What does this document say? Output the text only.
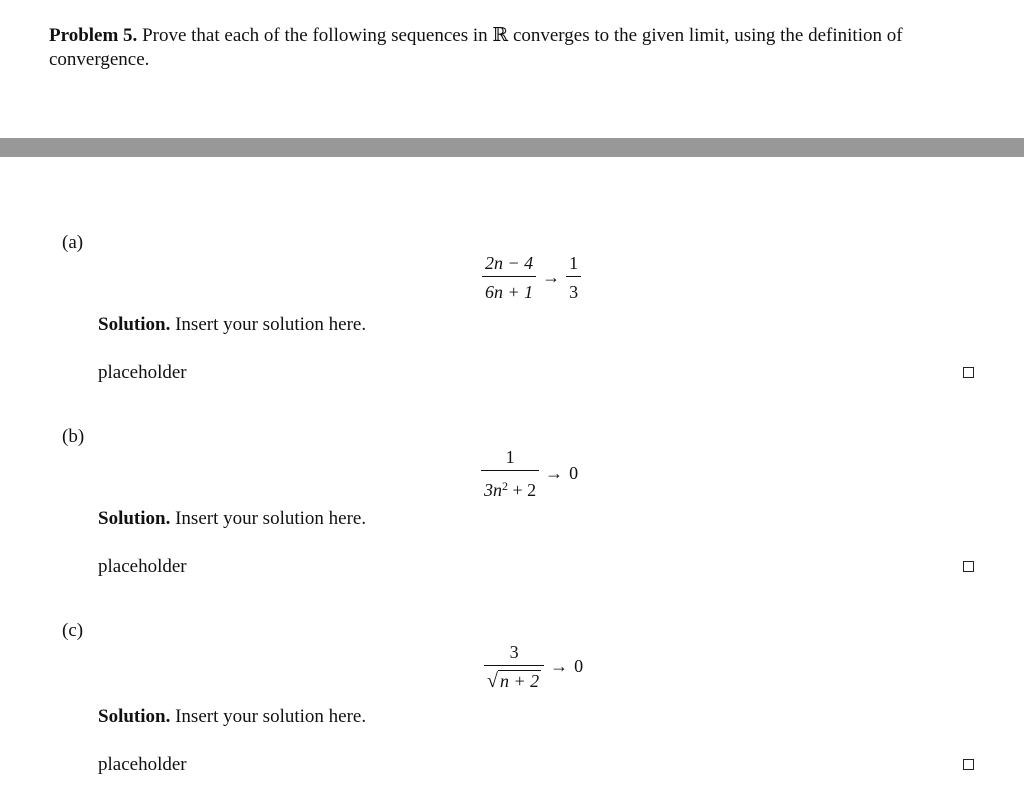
Problem 5. Prove that each of the following sequences in ℝ converges to the given limit, using the definition of convergence.
(a)
$\frac{2n - 4}{6n + 1} \to \frac{1}{3}$
Solution. Insert your solution here.
placeholder
(b)
$\frac{1}{3n^2 + 2} \to 0$
Solution. Insert your solution here.
placeholder
(c)
$\frac{3}{√ n + 2} \to 0$
Solution. Insert your solution here.
placeholder
